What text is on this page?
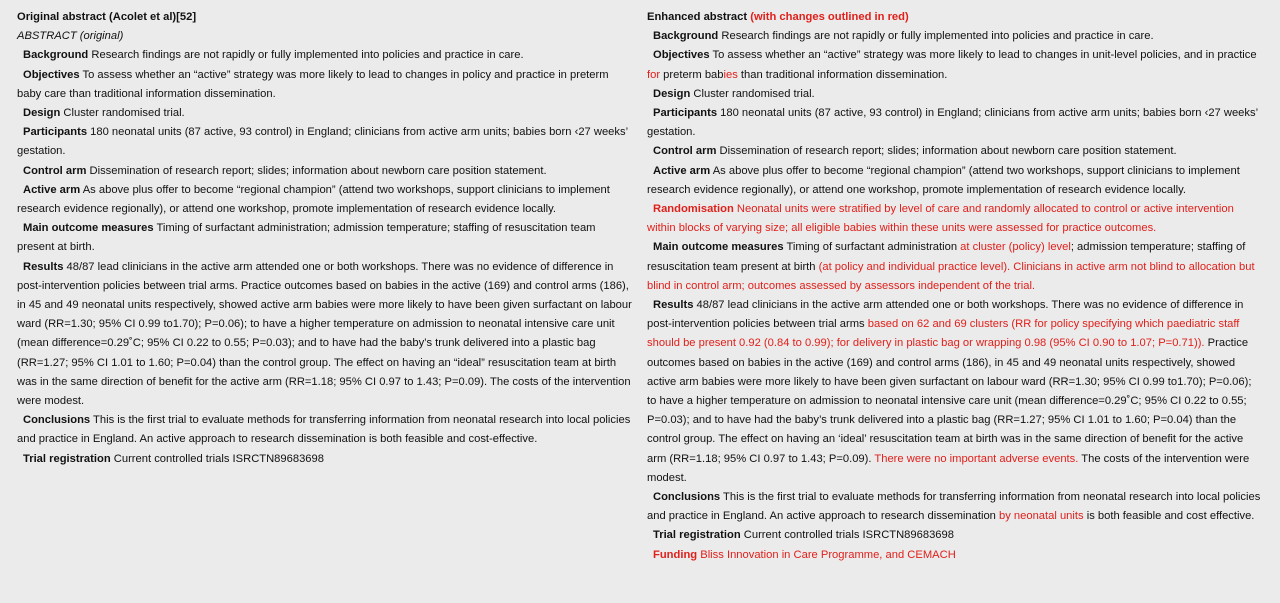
Original abstract (Acolet et al)[52]

ABSTRACT (original)

Background Research findings are not rapidly or fully implemented into policies and practice in care.

Objectives To assess whether an “active” strategy was more likely to lead to changes in policy and practice in preterm baby care than traditional information dissemination.

Design Cluster randomised trial.

Participants 180 neonatal units (87 active, 93 control) in England; clinicians from active arm units; babies born ‹27 weeks’ gestation.

Control arm Dissemination of research report; slides; information about newborn care position statement.

Active arm As above plus offer to become “regional champion” (attend two workshops, support clinicians to implement research evidence regionally), or attend one workshop, promote implementation of research evidence locally.

Main outcome measures Timing of surfactant administration; admission temperature; staffing of resuscitation team present at birth.

Results 48/87 lead clinicians in the active arm attended one or both workshops. There was no evidence of difference in post-intervention policies between trial arms. Practice outcomes based on babies in the active (169) and control arms (186), in 45 and 49 neonatal units respectively, showed active arm babies were more likely to have been given surfactant on labour ward (RR=1.30; 95% CI 0.99 to1.70); P=0.06); to have a higher temperature on admission to neonatal intensive care unit (mean difference=0.29˚C; 95% CI 0.22 to 0.55; P=0.03); and to have had the baby’s trunk delivered into a plastic bag (RR=1.27; 95% CI 1.01 to 1.60; P=0.04) than the control group. The effect on having an “ideal” resuscitation team at birth was in the same direction of benefit for the active arm (RR=1.18; 95% CI 0.97 to 1.43; P=0.09). The costs of the intervention were modest.

Conclusions This is the first trial to evaluate methods for transferring information from neonatal research into local policies and practice in England. An active approach to research dissemination is both feasible and cost-effective.

Trial registration Current controlled trials ISRCTN89683698

Enhanced abstract (with changes outlined in red)

Background Research findings are not rapidly or fully implemented into policies and practice in care.

Objectives To assess whether an “active” strategy was more likely to lead to changes in unit-level policies, and in practice for preterm babies than traditional information dissemination.

Design Cluster randomised trial.

Participants 180 neonatal units (87 active, 93 control) in England; clinicians from active arm units; babies born ‹27 weeks’ gestation.

Control arm Dissemination of research report; slides; information about newborn care position statement.

Active arm As above plus offer to become “regional champion” (attend two workshops, support clinicians to implement research evidence regionally), or attend one workshop, promote implementation of research evidence locally.

Randomisation Neonatal units were stratified by level of care and randomly allocated to control or active intervention within blocks of varying size; all eligible babies within these units were assessed for practice outcomes.

Main outcome measures Timing of surfactant administration at cluster (policy) level; admission temperature; staffing of resuscitation team present at birth (at policy and individual practice level). Clinicians in active arm not blind to allocation but blind in control arm; outcomes assessed by assessors independent of the trial.

Results 48/87 lead clinicians in the active arm attended one or both workshops. There was no evidence of difference in post-intervention policies between trial arms based on 62 and 69 clusters (RR for policy specifying which paediatric staff should be present 0.92 (0.84 to 0.99); for delivery in plastic bag or wrapping 0.98 (95% CI 0.90 to 1.07; P=0.71)). Practice outcomes based on babies in the active (169) and control arms (186), in 45 and 49 neonatal units respectively, showed active arm babies were more likely to have been given surfactant on labour ward (RR=1.30; 95% CI 0.99 to1.70); P=0.06); to have a higher temperature on admission to neonatal intensive care unit (mean difference=0.29˚C; 95% CI 0.22 to 0.55; P=0.03); and to have had the baby’s trunk delivered into a plastic bag (RR=1.27; 95% CI 1.01 to 1.60; P=0.04) than the control group. The effect on having an ‘ideal’ resuscitation team at birth was in the same direction of benefit for the active arm (RR=1.18; 95% CI 0.97 to 1.43; P=0.09). There were no important adverse events. The costs of the intervention were modest.

Conclusions This is the first trial to evaluate methods for transferring information from neonatal research into local policies and practice in England. An active approach to research dissemination by neonatal units is both feasible and cost effective.

Trial registration Current controlled trials ISRCTN89683698

Funding Bliss Innovation in Care Programme, and CEMACH
